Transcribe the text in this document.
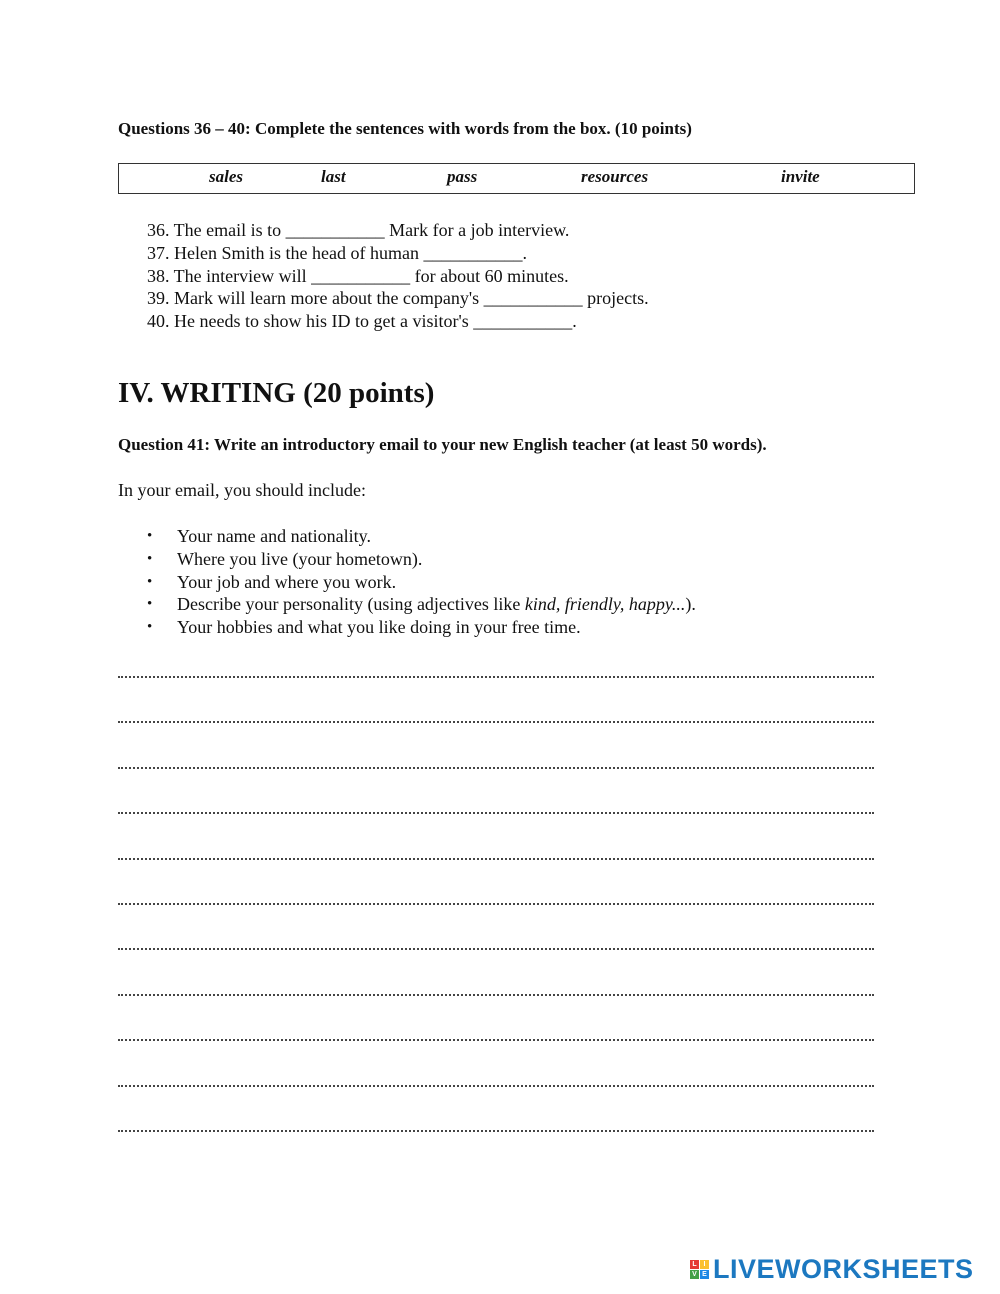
Questions 36 – 40: Complete the sentences with words from the box. (10 points)
sales	last	pass	resources	invite
36. The email is to ___________ Mark for a job interview.
37. Helen Smith is the head of human ___________.
38. The interview will ___________ for about 60 minutes.
39. Mark will learn more about the company's ___________ projects.
40. He needs to show his ID to get a visitor's ___________.
IV. WRITING (20 points)
Question 41: Write an introductory email to your new English teacher (at least 50 words).
In your email, you should include:
• Your name and nationality.
• Where you live (your hometown).
• Your job and where you work.
• Describe your personality (using adjectives like kind, friendly, happy...).
• Your hobbies and what you like doing in your free time.
L I
V E LIVEWORKSHEETS
